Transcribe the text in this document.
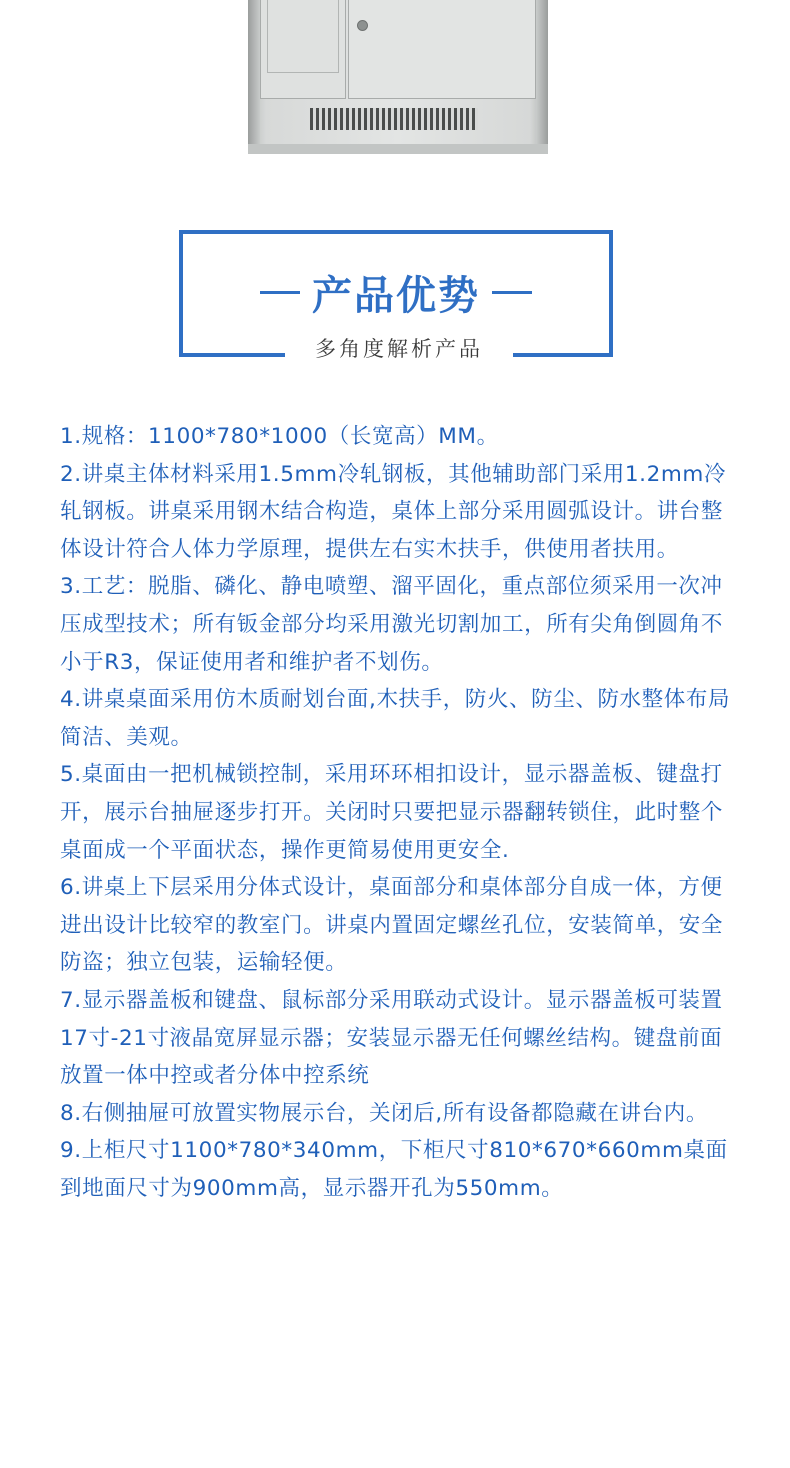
产品优势
多角度解析产品

1.规格：1100*780*1000（长宽高）MM。

2.讲桌主体材料采用1.5mm冷轧钢板，其他辅助部门采用1.2mm冷轧钢板。讲桌采用钢木结合构造，桌体上部分采用圆弧设计。讲台整体设计符合人体力学原理，提供左右实木扶手，供使用者扶用。

3.工艺：脱脂、磷化、静电喷塑、溜平固化，重点部位须采用一次冲压成型技术；所有钣金部分均采用激光切割加工，所有尖角倒圆角不小于R3，保证使用者和维护者不划伤。

4.讲桌桌面采用仿木质耐划台面,木扶手，防火、防尘、防水整体布局简洁、美观。

5.桌面由一把机械锁控制，采用环环相扣设计，显示器盖板、键盘打开，展示台抽屉逐步打开。关闭时只要把显示器翻转锁住，此时整个桌面成一个平面状态，操作更简易使用更安全.

6.讲桌上下层采用分体式设计，桌面部分和桌体部分自成一体，方便进出设计比较窄的教室门。讲桌内置固定螺丝孔位，安装简单，安全防盗；独立包装，运输轻便。

7.显示器盖板和键盘、鼠标部分采用联动式设计。显示器盖板可装置17寸-21寸液晶宽屏显示器；安装显示器无任何螺丝结构。键盘前面放置一体中控或者分体中控系统

8.右侧抽屉可放置实物展示台，关闭后,所有设备都隐藏在讲台内。

9.上柜尺寸1100*780*340mm，下柜尺寸810*670*660mm桌面到地面尺寸为900mm高，显示器开孔为550mm。
